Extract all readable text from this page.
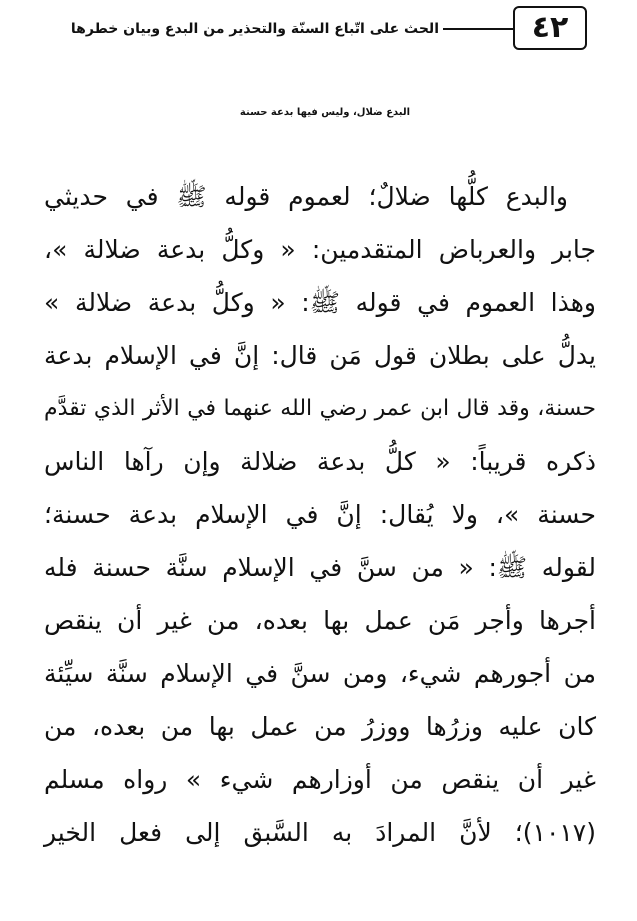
٤٢
الحث على اتّباع السنّة والتحذير من البدع وبيان خطرها
البدع ضلال، وليس فيها بدعة حسنة
والبدع كلُّها ضلالٌ؛ لعموم قوله ﷺ في حديثي
جابر والعرباض المتقدمين: « وكلُّ بدعة ضلالة »،
وهذا العموم في قوله ﷺ: « وكلُّ بدعة ضلالة »
يدلُّ على بطلان قول مَن قال: إنَّ في الإسلام بدعة
حسنة، وقد قال ابن عمر رضي الله عنهما في الأثر الذي تقدَّم
ذكره قريباً: « كلُّ بدعة ضلالة وإن رآها الناس
حسنة »، ولا يُقال: إنَّ في الإسلام بدعة حسنة؛
لقوله ﷺ: « من سنَّ في الإسلام سنَّة حسنة فله
أجرها وأجر مَن عمل بها بعده، من غير أن ينقص
من أجورهم شيء، ومن سنَّ في الإسلام سنَّة سيِّئة
كان عليه وزرُها ووزرُ من عمل بها من بعده، من
غير أن ينقص من أوزارهم شيء » رواه مسلم
(١٠١٧)؛ لأنَّ المرادَ به السَّبق إلى فعل الخير
